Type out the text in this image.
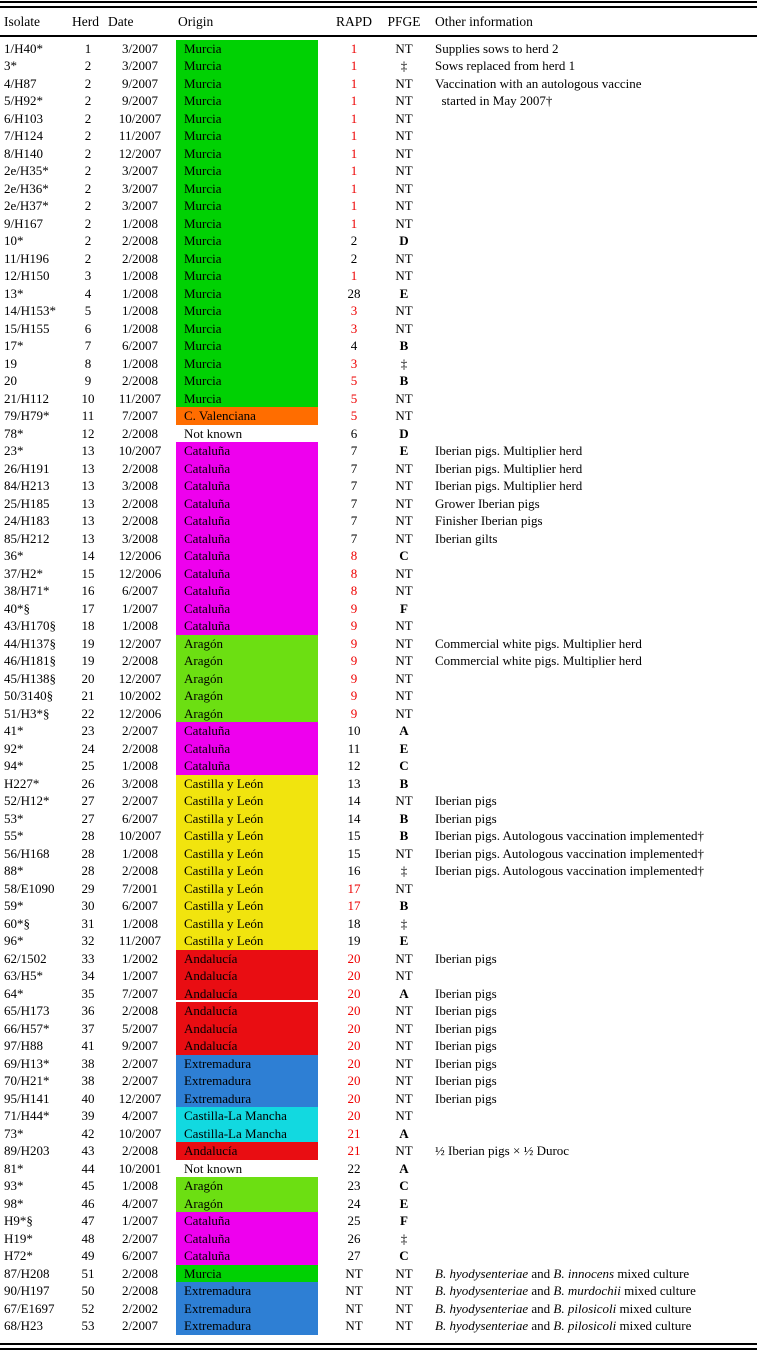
Isolate	Herd Date	Origin	RAPD	PFGE	Other information
1/H40*	1	3/2007	Murcia	1	NT	Supplies sows to herd 2
3*	2	3/2007	Murcia	1	‡	Sows replaced from herd 1
4/H87	2	9/2007	Murcia	1	NT	Vaccination with an autologous vaccine
5/H92*	2	9/2007	Murcia	1	NT	started in May 2007†
6/H103	2	10/2007	Murcia	1	NT
7/H124	2	11/2007	Murcia	1	NT
8/H140	2	12/2007	Murcia	1	NT
2e/H35*	2	3/2007	Murcia	1	NT
2e/H36*	2	3/2007	Murcia	1	NT
2e/H37*	2	3/2007	Murcia	1	NT
9/H167	2	1/2008	Murcia	1	NT
10*	2	2/2008	Murcia	2	D
11/H196	2	2/2008	Murcia	2	NT
12/H150	3	1/2008	Murcia	1	NT
13*	4	1/2008	Murcia	28	E
14/H153*	5	1/2008	Murcia	3	NT
15/H155	6	1/2008	Murcia	3	NT
17*	7	6/2007	Murcia	4	B
19	8	1/2008	Murcia	3	‡
20	9	2/2008	Murcia	5	B
21/H112	10	11/2007	Murcia	5	NT
79/H79*	11	7/2007	C. Valenciana	5	NT
78*	12	2/2008	Not known	6	D
23*	13	10/2007	Cataluña	7	E	Iberian pigs. Multiplier herd
26/H191	13	2/2008	Cataluña	7	NT	Iberian pigs. Multiplier herd
84/H213	13	3/2008	Cataluña	7	NT	Iberian pigs. Multiplier herd
25/H185	13	2/2008	Cataluña	7	NT	Grower Iberian pigs
24/H183	13	2/2008	Cataluña	7	NT	Finisher Iberian pigs
85/H212	13	3/2008	Cataluña	7	NT	Iberian gilts
36*	14	12/2006	Cataluña	8	C
37/H2*	15	12/2006	Cataluña	8	NT
38/H71*	16	6/2007	Cataluña	8	NT
40*§	17	1/2007	Cataluña	9	F
43/H170§	18	1/2008	Cataluña	9	NT
44/H137§	19	12/2007	Aragón	9	NT	Commercial white pigs. Multiplier herd
46/H181§	19	2/2008	Aragón	9	NT	Commercial white pigs. Multiplier herd
45/H138§	20	12/2007	Aragón	9	NT
50/3140§	21	10/2002	Aragón	9	NT
51/H3*§	22	12/2006	Aragón	9	NT
41*	23	2/2007	Cataluña	10	A
92*	24	2/2008	Cataluña	11	E
94*	25	1/2008	Cataluña	12	C
H227*	26	3/2008	Castilla y León	13	B
52/H12*	27	2/2007	Castilla y León	14	NT	Iberian pigs
53*	27	6/2007	Castilla y León	14	B	Iberian pigs
55*	28	10/2007	Castilla y León	15	B	Iberian pigs. Autologous vaccination implemented†
56/H168	28	1/2008	Castilla y León	15	NT	Iberian pigs. Autologous vaccination implemented†
88*	28	2/2008	Castilla y León	16	‡	Iberian pigs. Autologous vaccination implemented†
58/E1090	29	7/2001	Castilla y León	17	NT
59*	30	6/2007	Castilla y León	17	B
60*§	31	1/2008	Castilla y León	18	‡
96*	32	11/2007	Castilla y León	19	E
62/1502	33	1/2002	Andalucía	20	NT	Iberian pigs
63/H5*	34	1/2007	Andalucía	20	NT
64*	35	7/2007	Andalucía	20	A	Iberian pigs
65/H173	36	2/2008	Andalucía	20	NT	Iberian pigs
66/H57*	37	5/2007	Andalucía	20	NT	Iberian pigs
97/H88	41	9/2007	Andalucía	20	NT	Iberian pigs
69/H13*	38	2/2007	Extremadura	20	NT	Iberian pigs
70/H21*	38	2/2007	Extremadura	20	NT	Iberian pigs
95/H141	40	12/2007	Extremadura	20	NT	Iberian pigs
71/H44*	39	4/2007	Castilla-La Mancha	20	NT
73*	42	10/2007	Castilla-La Mancha	21	A
89/H203	43	2/2008	Andalucía	21	NT	½ Iberian pigs × ½ Duroc
81*	44	10/2001	Not known	22	A
93*	45	1/2008	Aragón	23	C
98*	46	4/2007	Aragón	24	E
H9*§	47	1/2007	Cataluña	25	F
H19*	48	2/2007	Cataluña	26	‡
H72*	49	6/2007	Cataluña	27	C
87/H208	51	2/2008	Murcia	NT	NT	B. hyodysenteriae and B. innocens mixed culture
90/H197	50	2/2008	Extremadura	NT	NT	B. hyodysenteriae and B. murdochii mixed culture
67/E1697	52	2/2002	Extremadura	NT	NT	B. hyodysenteriae and B. pilosicoli mixed culture
68/H23	53	2/2007	Extremadura	NT	NT	B. hyodysenteriae and B. pilosicoli mixed culture
